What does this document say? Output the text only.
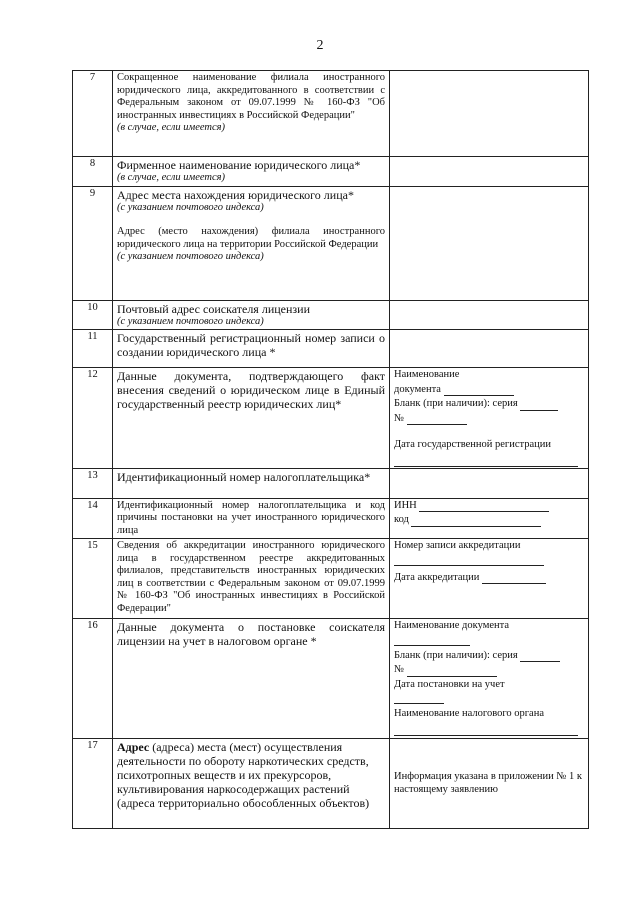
2
7	Сокращенное наименование филиала иностранного юридического лица, аккредитованного в соответствии с Федеральным законом от 09.07.1999 № 160-ФЗ "Об иностранных инвестициях в Российской Федерации"
(в случае, если имеется)	

8	Фирменное наименование юридического лица*
(в случае, если имеется)	

9	Адрес места нахождения юридического лица*
(с указанием почтового индекса)
Адрес (место нахождения) филиала иностранного юридического лица на территории Российской Федерации
(с указанием почтового индекса)	

10	Почтовый адрес соискателя лицензии
(с указанием почтового индекса)	

11	Государственный регистрационный номер записи о создании юридического лица *	

12	Данные документа, подтверждающего факт внесения сведений о юридическом лице в Единый государственный реестр юридических лиц*	Наименование
документа
Бланк (при наличии): серия
№
Дата государственной регистрации

13	Идентификационный номер налогоплательщика*	

14	Идентификационный номер налогоплательщика и код причины постановки на учет иностранного юридического лица	ИНН
код

15	Сведения об аккредитации иностранного юридического лица в государственном реестре аккредитованных филиалов, представительств иностранных юридических лиц в соответствии с Федеральным законом от 09.07.1999 № 160-ФЗ "Об иностранных инвестициях в Российской Федерации"	Номер записи аккредитации
Дата аккредитации

16	Данные документа о постановке соискателя лицензии на учет в налоговом органе *	Наименование документа
Бланк (при наличии): серия
№
Дата постановки на учет
Наименование налогового органа

17	Адрес (адреса) места (мест) осуществления деятельности по обороту наркотических средств, психотропных веществ и их прекурсоров, культивирования наркосодержащих растений (адреса территориально обособленных объектов)	Информация указана в приложении № 1 к настоящему заявлению
